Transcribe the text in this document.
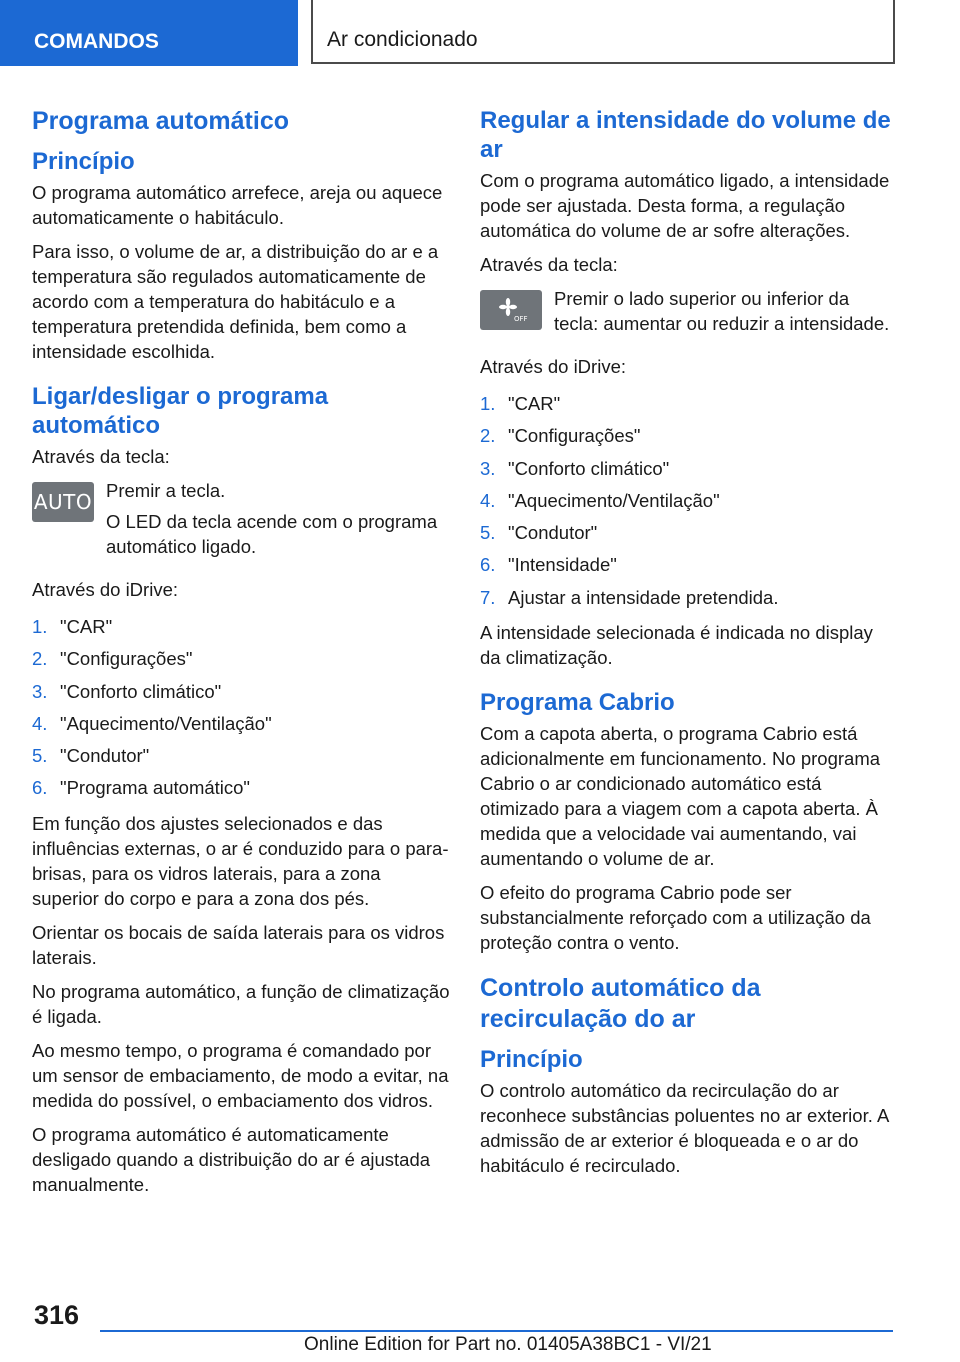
COMANDOS	Ar condicionado
Programa automático
Princípio

O programa automático arrefece, areja ou aquece automaticamente o habitáculo.

Para isso, o volume de ar, a distribuição do ar e a temperatura são regulados automaticamente de acordo com a temperatura do habitáculo e a temperatura pretendida definida, bem como a intensidade escolhida.

Ligar/desligar o programa automático

Através da tecla:

AUTO Premir a tecla.

O LED da tecla acende com o programa automático ligado.

Através do iDrive:

1. "CAR"
2. "Configurações"
3. "Conforto climático"
4. "Aquecimento/Ventilação"
5. "Condutor"
6. "Programa automático"

Em função dos ajustes selecionados e das influências externas, o ar é conduzido para o para-brisas, para os vidros laterais, para a zona superior do corpo e para a zona dos pés.

Orientar os bocais de saída laterais para os vidros laterais.

No programa automático, a função de climatização é ligada.

Ao mesmo tempo, o programa é comandado por um sensor de embaciamento, de modo a evitar, na medida do possível, o embaciamento dos vidros.

O programa automático é automaticamente desligado quando a distribuição do ar é ajustada manualmente.

Regular a intensidade do volume de ar

Com o programa automático ligado, a intensidade pode ser ajustada. Desta forma, a regulação automática do volume de ar sofre alterações.

Através da tecla:

OFF

Premir o lado superior ou inferior da tecla: aumentar ou reduzir a intensidade.

Através do iDrive:

1. "CAR"
2. "Configurações"
3. "Conforto climático"
4. "Aquecimento/Ventilação"
5. "Condutor"
6. "Intensidade"
7. Ajustar a intensidade pretendida.

A intensidade selecionada é indicada no display da climatização.

Programa Cabrio

Com a capota aberta, o programa Cabrio está adicionalmente em funcionamento. No programa Cabrio o ar condicionado automático está otimizado para a viagem com a capota aberta. À medida que a velocidade vai aumentando, vai aumentando o volume de ar.

O efeito do programa Cabrio pode ser substancialmente reforçado com a utilização da proteção contra o vento.

Controlo automático da recirculação do ar
Princípio

O controlo automático da recirculação do ar reconhece substâncias poluentes no ar exterior. A admissão de ar exterior é bloqueada e o ar do habitáculo é recirculado.

316
Online Edition for Part no. 01405A38BC1 - VI/21
